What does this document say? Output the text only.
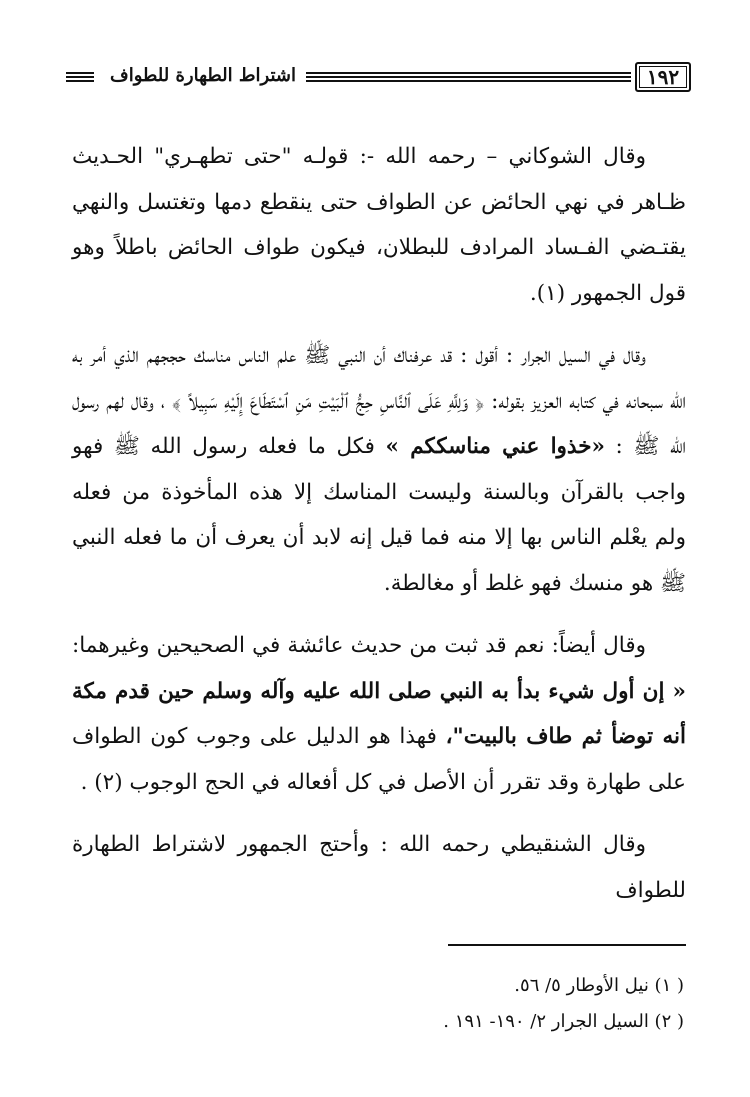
١٩٢
اشتراط الطهارة للطواف

وقال الشوكاني – رحمه الله -: قولـه "حتى تطهـري" الحـديث ظـاهر في نهي الحائض عن الطواف حتى ينقطع دمها وتغتسل والنهي يقتـضي الفـساد المرادف للبطلان، فيكون طواف الحائض باطلاً وهو قول الجمهور (١).

وقال في السيل الجرار : أقول : قد عرفناك أن النبي ﷺ علم الناس مناسك حججهم الذي أمر به الله سبحانه في كتابه العزيز بقوله: ﴿ وَلِلَّهِ عَلَى ٱلنَّاسِ حِجُّ ٱلْبَيْتِ مَنِ ٱسْتَطَاعَ إِلَيْهِ سَبِيلاً ﴾ ، وقال لهم رسول الله ﷺ : «خذوا عني مناسككم » فكل ما فعله رسول الله ﷺ فهو واجب بالقرآن وبالسنة وليست المناسك إلا هذه المأخوذة من فعله ولم يعْلم الناس بها إلا منه فما قيل إنه لابد أن يعرف أن ما فعله النبي ﷺ هو منسك فهو غلط أو مغالطة.

وقال أيضاً: نعم قد ثبت من حديث عائشة في الصحيحين وغيرهما: « إن أول شيء بدأ به النبي صلى الله عليه وآله وسلم حين قدم مكة أنه توضأ ثم طاف بالبيت"، فهذا هو الدليل على وجوب كون الطواف على طهارة وقد تقرر أن الأصل في كل أفعاله في الحج الوجوب (٢) .

وقال الشنقيطي رحمه الله : وأحتج الجمهور لاشتراط الطهارة للطواف

( ١) نيل الأوطار ٥/ ٥٦.
( ٢) السيل الجرار ٢/ ١٩٠- ١٩١ .
